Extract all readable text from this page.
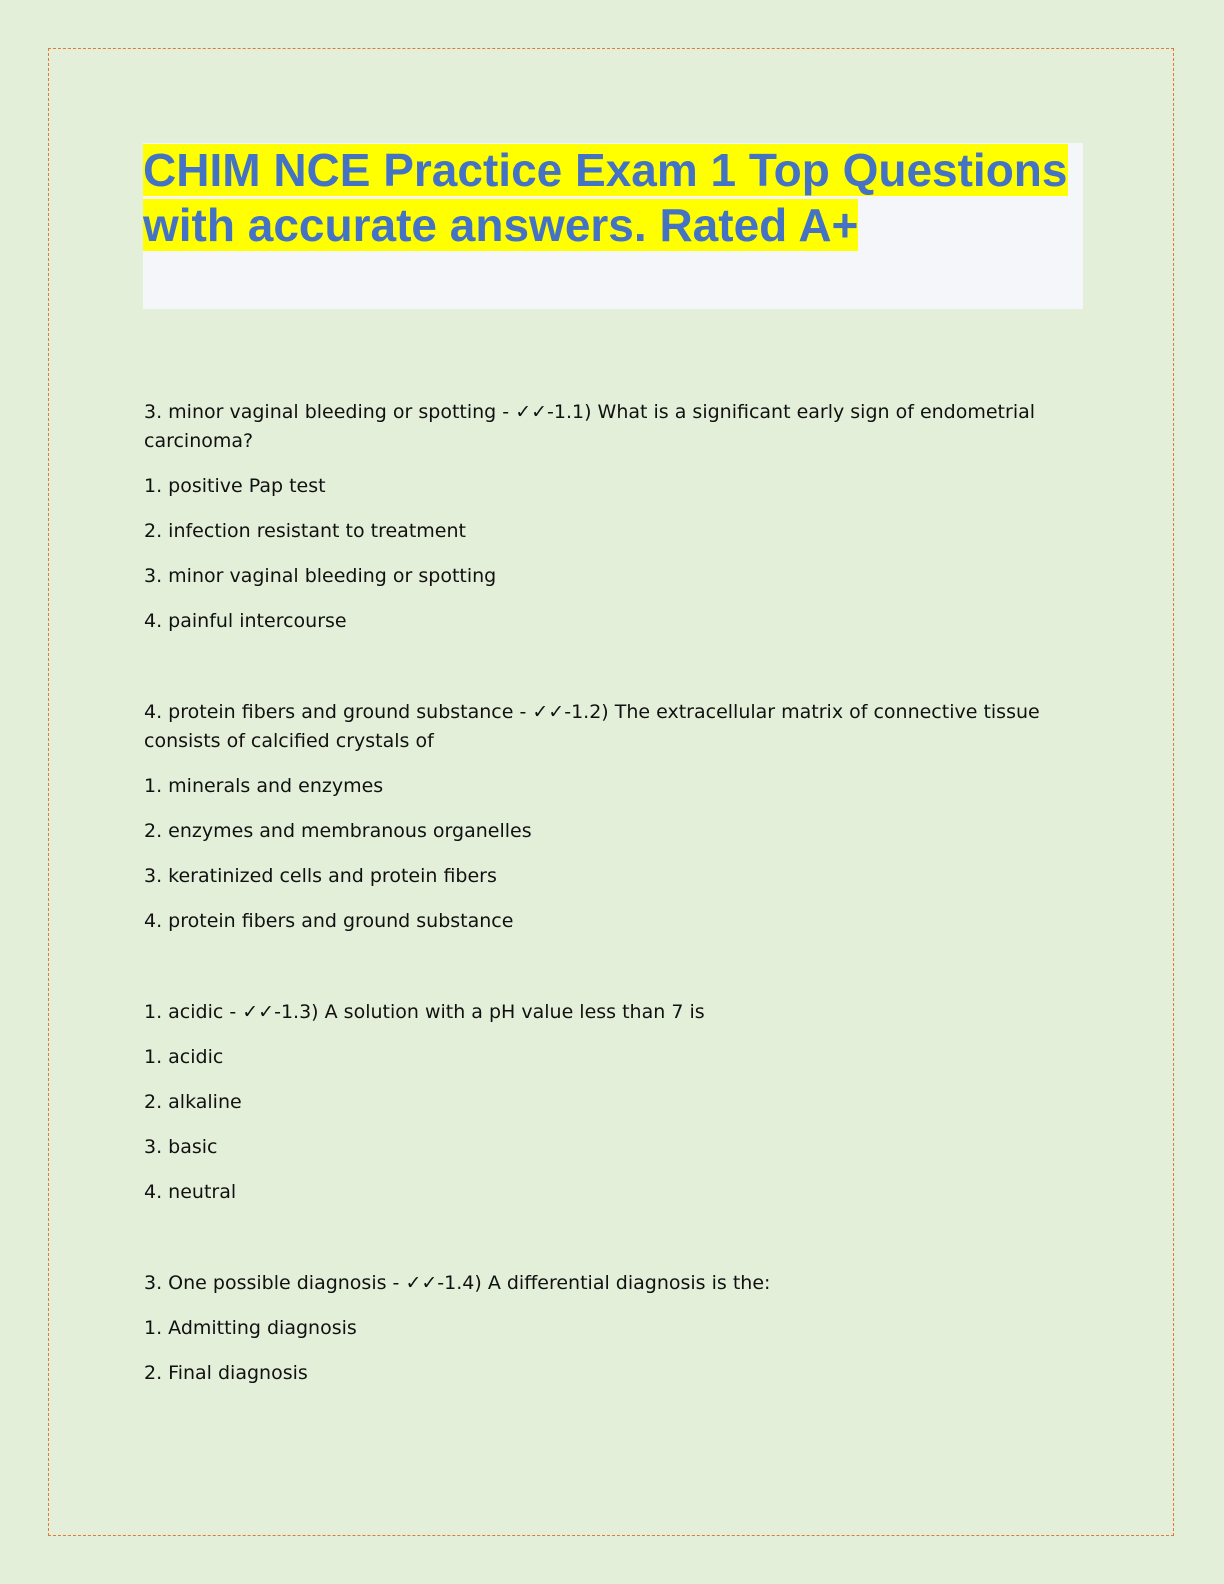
CHIM NCE Practice Exam 1 Top Questions with accurate answers. Rated A+

3. minor vaginal bleeding or spotting - ✓✓-1.1) What is a significant early sign of endometrial carcinoma?

1. positive Pap test

2. infection resistant to treatment

3. minor vaginal bleeding or spotting

4. painful intercourse

4. protein fibers and ground substance - ✓✓-1.2) The extracellular matrix of connective tissue consists of calcified crystals of

1. minerals and enzymes

2. enzymes and membranous organelles

3. keratinized cells and protein fibers

4. protein fibers and ground substance

1. acidic - ✓✓-1.3) A solution with a pH value less than 7 is

1. acidic

2. alkaline

3. basic

4. neutral

3. One possible diagnosis - ✓✓-1.4) A differential diagnosis is the:

1. Admitting diagnosis

2. Final diagnosis
